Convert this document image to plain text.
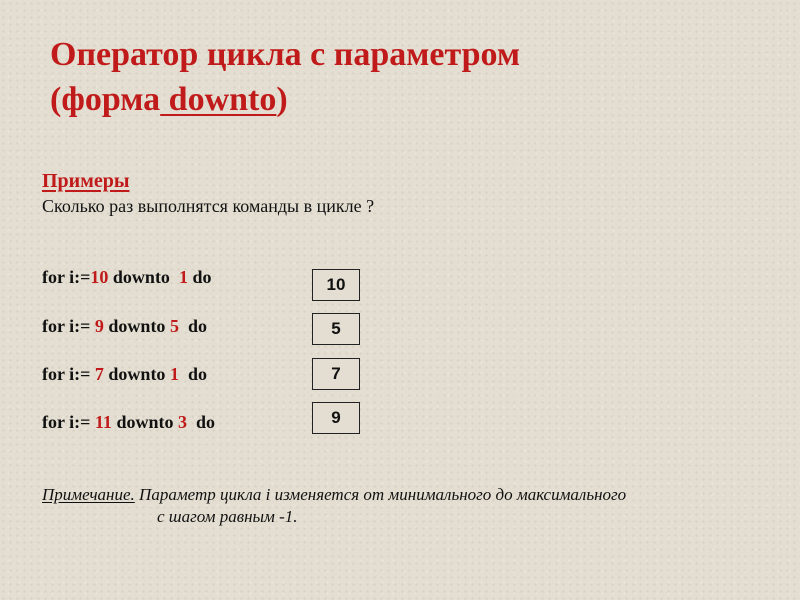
Оператор цикла с параметром
(форма downto)
Примеры
Сколько раз выполнятся команды в цикле ?
for i:=10 downto  1 do	10
for i:= 9 downto 5  do	5
for i:= 7 downto 1  do	7
for i:= 11 downto 3  do	9
Примечание. Параметр цикла i изменяется от минимального до максимального
с шагом равным -1.
